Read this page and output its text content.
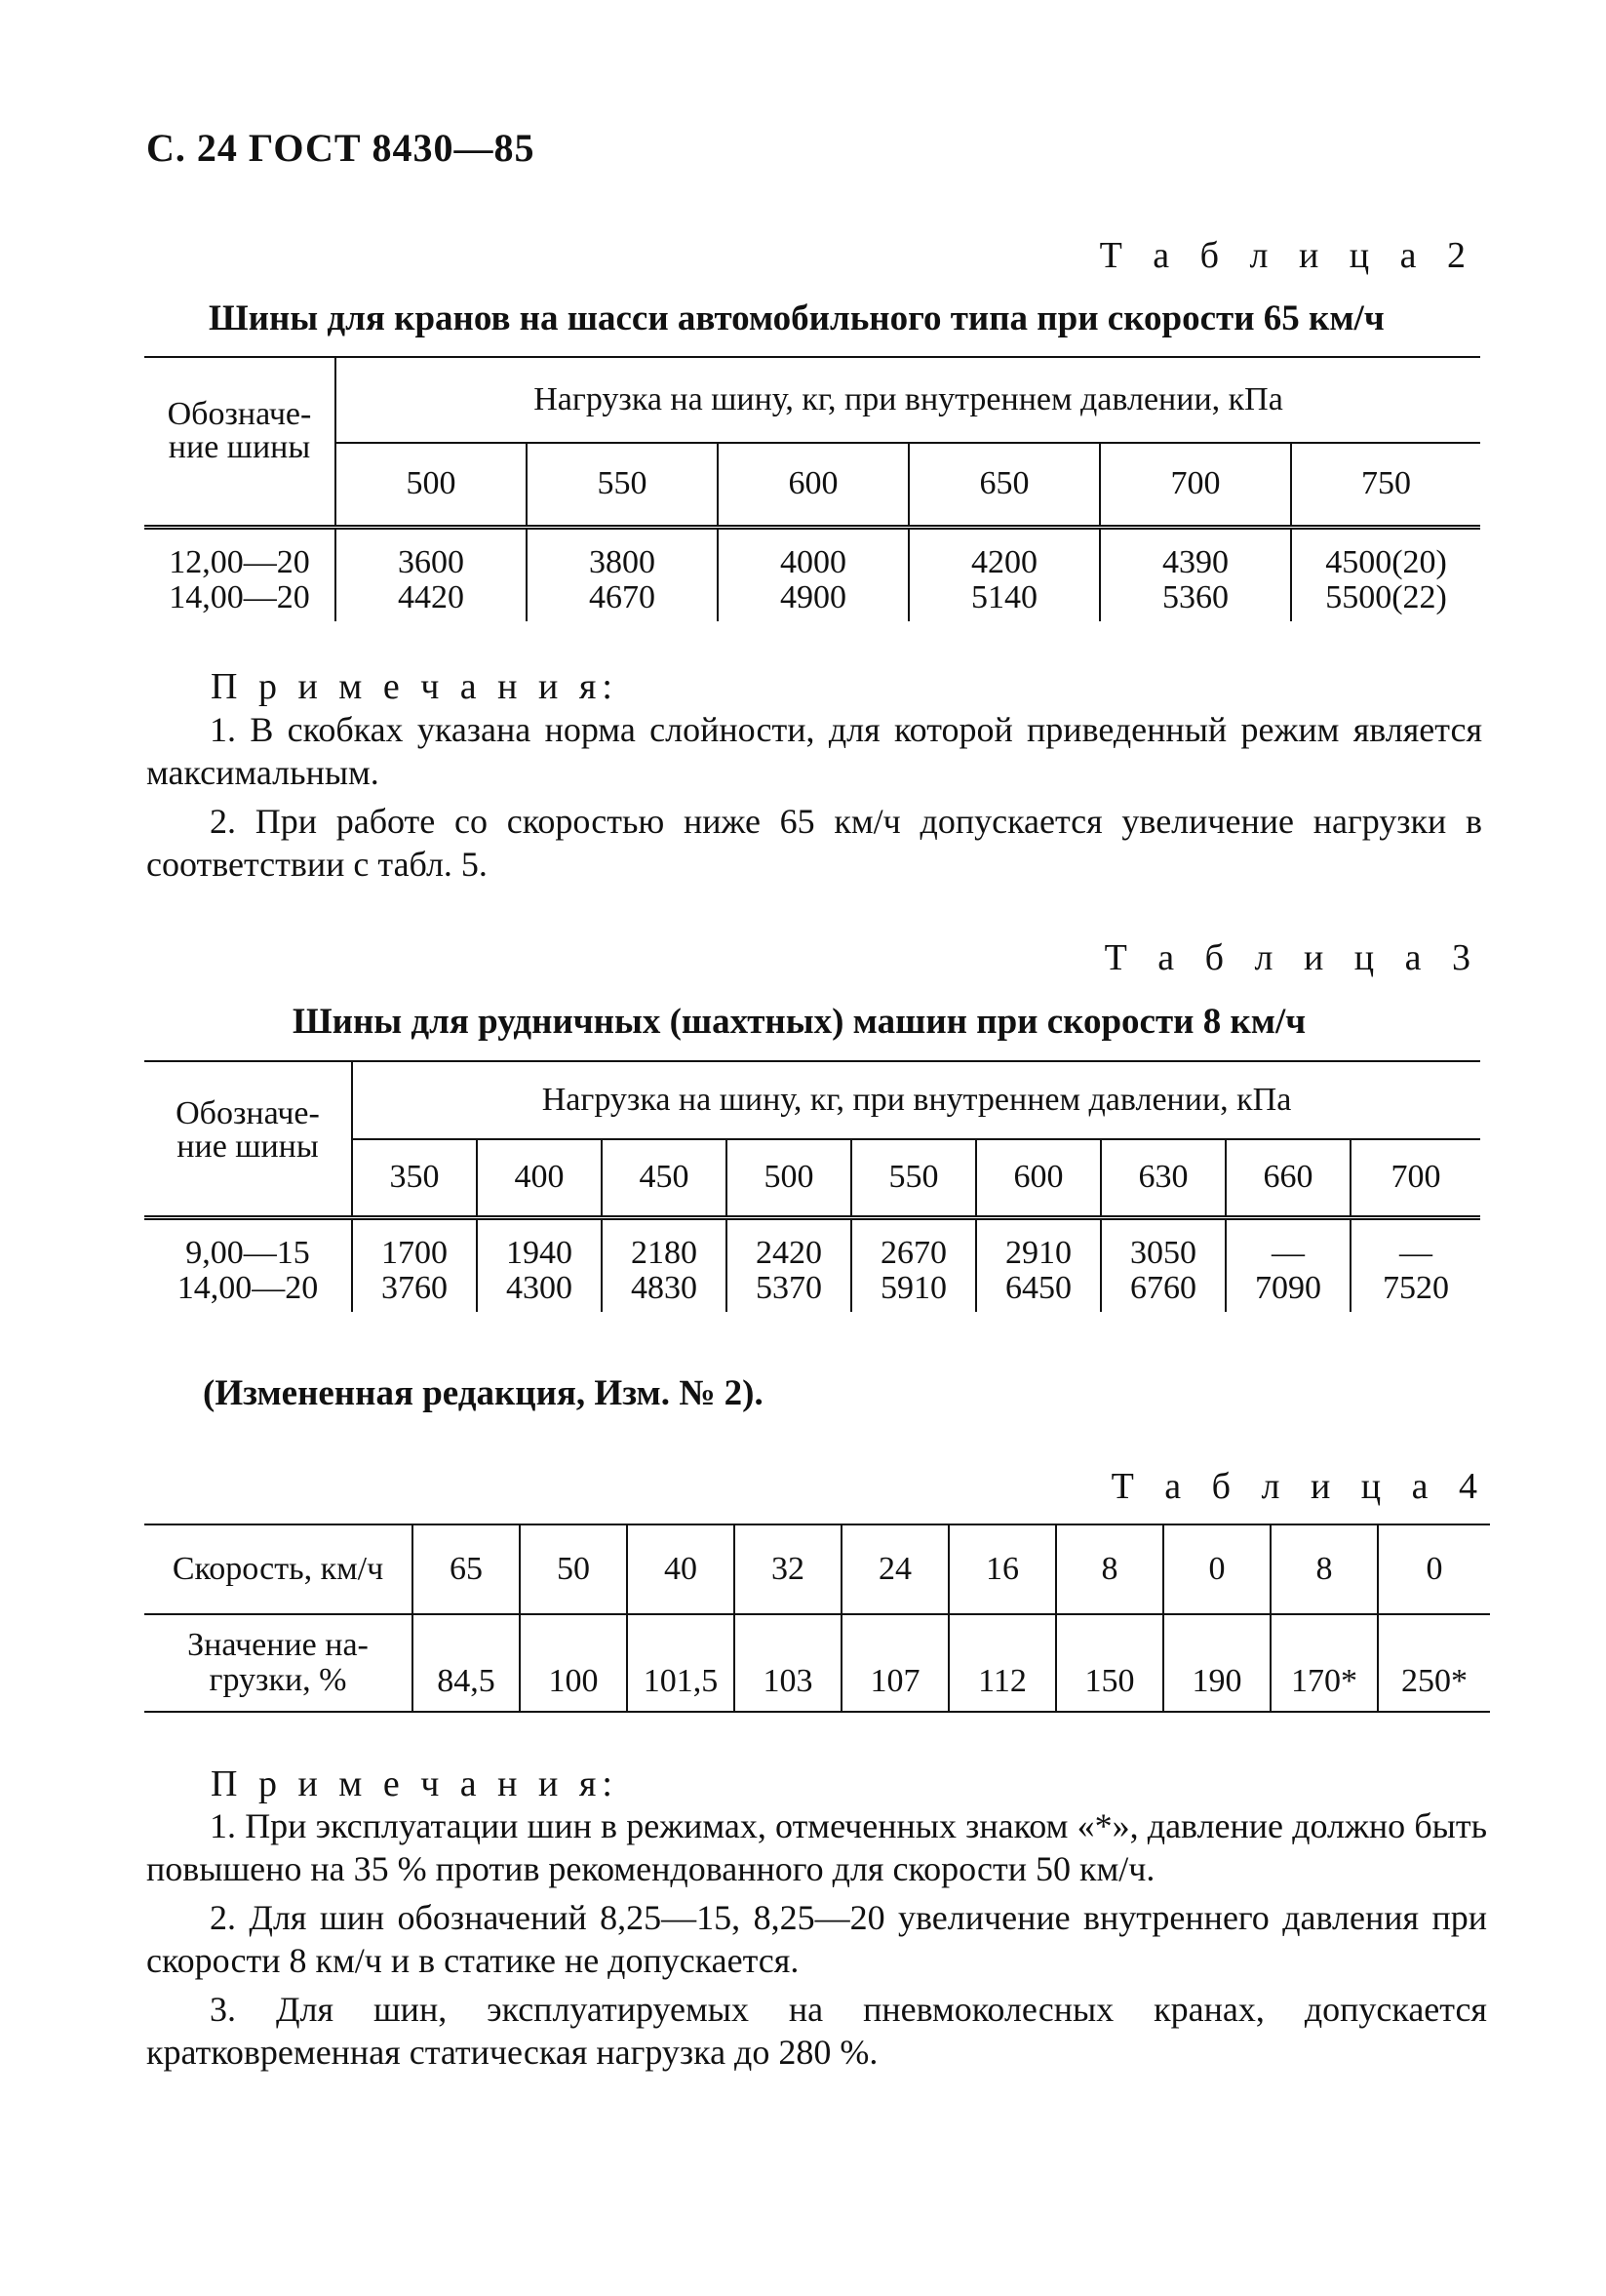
С. 24 ГОСТ 8430—85
Т а б л и ц а 2
Шины для кранов на шасси автомобильного типа при скорости 65 км/ч
Обозначе-
ние шины	Нагрузка на шину, кг, при внутреннем давлении, кПа					
	500	550	600	650	700	750
12,00—20	3600	3800	4000	4200	4390	4500(20)
14,00—20	4420	4670	4900	5140	5360	5500(22)
П р и м е ч а н и я:
1. В скобках указана норма слойности, для которой приведенный режим является максимальным.
2. При работе со скоростью ниже 65 км/ч допускается увеличение нагрузки в соответствии с табл. 5.
Т а б л и ц а 3
Шины для рудничных (шахтных) машин при скорости 8 км/ч
Обозначе-
ние шины	Нагрузка на шину, кг, при внутреннем давлении, кПа								
	350	400	450	500	550	600	630	660	700
9,00—15	1700	1940	2180	2420	2670	2910	3050	—	—
14,00—20	3760	4300	4830	5370	5910	6450	6760	7090	7520
(Измененная редакция, Изм. № 2).
Т а б л и ц а 4
Скорость, км/ч	65	50	40	32	24	16	8	0	8	0
Значение на-
грузки, %	84,5	100	101,5	103	107	112	150	190	170*	250*
П р и м е ч а н и я:
1. При эксплуатации шин в режимах, отмеченных знаком «*», давление должно быть повышено на 35 % против рекомендованного для скорости 50 км/ч.
2. Для шин обозначений 8,25—15, 8,25—20 увеличение внутреннего давления при скорости 8 км/ч и в статике не допускается.
3. Для шин, эксплуатируемых на пневмоколесных кранах, допускается кратковременная статическая нагрузка до 280 %.
